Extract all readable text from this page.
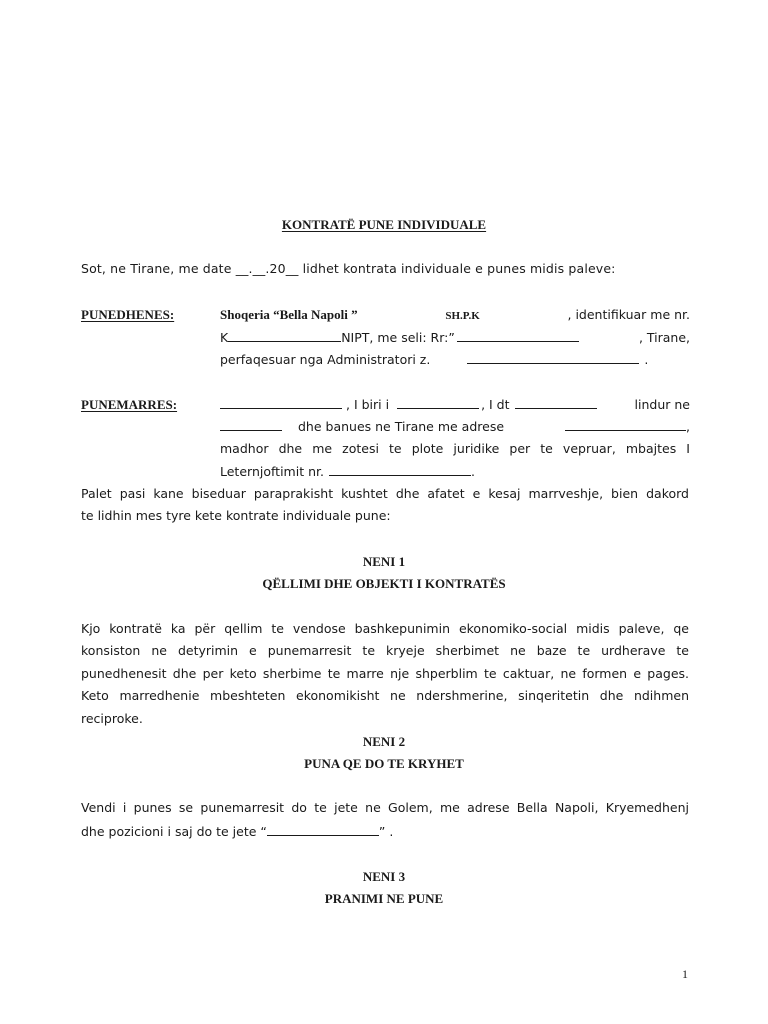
KONTRATË PUNE INDIVIDUALE
Sot, ne Tirane, me date __.__.20__ lidhet kontrata individuale e punes midis paleve:
PUNEDHENES:	Shoqeria “Bella Napoli ”	SH.P.K	, identifikuar me nr.
K	NIPT, me seli: Rr:”	, Tirane,
perfaqesuar nga Administratori z.	.
PUNEMARRES:	, I biri i	, I dt	lindur ne
dhe banues ne Tirane me adrese	,
madhor dhe me zotesi te plote juridike per te vepruar, mbajtes I
Leternjoftimit nr.	.
Palet pasi kane biseduar paraprakisht kushtet dhe afatet e kesaj marrveshje, bien dakord
te lidhin mes tyre kete kontrate individuale pune:
NENI 1
QËLLIMI DHE OBJEKTI I KONTRATËS
Kjo kontratë ka për qellim te vendose bashkepunimin ekonomiko-social midis paleve, qe
konsiston ne detyrimin e punemarresit te kryeje sherbimet ne baze te urdherave te
punedhenesit dhe per keto sherbime te marre nje shperblim te caktuar, ne formen e pages.
Keto marredhenie mbeshteten ekonomikisht ne ndershmerine, sinqeritetin dhe ndihmen
reciproke.
NENI 2
PUNA QE DO TE KRYHET
Vendi i punes se punemarresit do te jete ne Golem, me adrese Bella Napoli, Kryemedhenj
dhe pozicioni i saj do te jete “	” .
NENI 3
PRANIMI NE PUNE
1
